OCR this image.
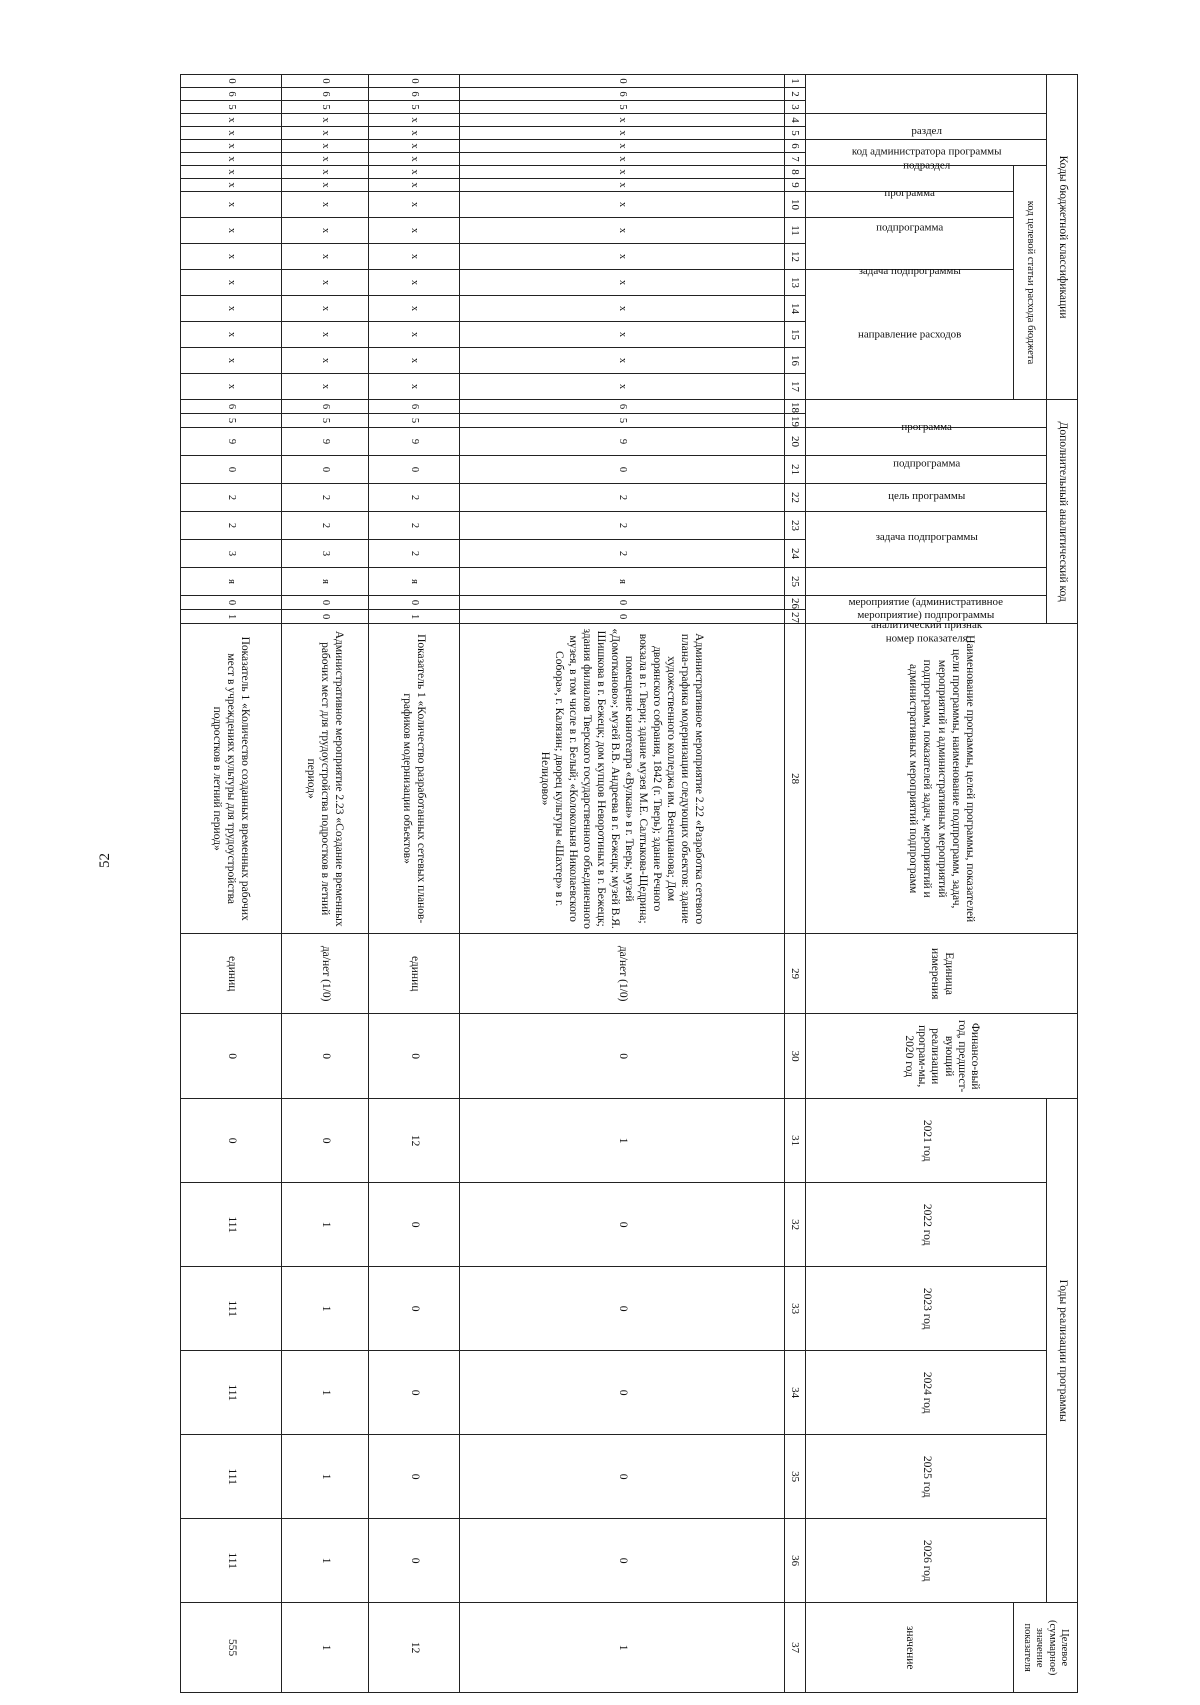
52
Коды бюджетной классификации																	Дополнительный аналитический код										Наименование программы, целей программы, показателей цели программы, наименование подпрограмм, задач, мероприятий и административных мероприятий подпрограмм, показателей задач, мероприятий и административных мероприятий подпрограмм	Единица измерения	Финансо-вый год, предшест-вующий реализации програм-мы, 2020 год	Годы реализации программы						Целевое (суммарное) значение показателя
код администратора программы			раздел		подраздел		код целевой статьи расхода бюджета										программа		подпрограмма	цель программы	задача подпрограммы	мероприятие (административное мероприятие) подпрограммы		аналитический признак	номер показателя					2021 год	2022 год	2023 год	2024 год	2025 год	2026 год	
							программа		подпрограмма	задача подпрограммы		направление расходов																								значение
1	2	3	4	5	6	7	8	9	10	11	12	13	14	15	16	17	18	19	20	21	22	23	24	25	26	27	28	29	30	31	32	33	34	35	36	37
0	6	5	x	x	x	x	x	x	x	x	x	x	x	x	x	x	6	5	9	0	2	2	2	я	0	0	Административное мероприятие 2.22 «Разработка сетевого плана-графика модернизации следующих объектов: здание художественного колледжа им. Венецианова; Дом дворянского собрания, 1842 (г. Тверь); здание Речного вокзала в г. Твери; здание музея М.Е. Салтыкова-Щедрина; помещение кинотеатра «Вулкан» в г. Тверь; музей «Домотканово»; музей В.В. Андреева в г. Бежецк; музей В.Я. Шишкова в г. Бежецк; дом купцов Неворотиных в г. Бежецк; здания филиалов Тверского государственного объединенного музея, в том числе в г. Белый; «Колокольня Николаевского Собора», г. Калязин; дворец культуры «Шахтер» в г. Нелидово»	да/нет (1/0)	0	1	0	0	0	0	0	1
0	6	5	x	x	x	x	x	x	x	x	x	x	x	x	x	x	6	5	9	0	2	2	2	я	0	1	Показатель 1 «Количество разработанных сетевых планов-графиков модернизации объектов»	единиц	0	12	0	0	0	0	0	12
0	6	5	x	x	x	x	x	x	x	x	x	x	x	x	x	x	6	5	9	0	2	2	3	я	0	0	Административное мероприятие 2.23 «Создание временных рабочих мест для трудоустройства подростков в летний период»	да/нет (1/0)	0	0	1	1	1	1	1	1
0	6	5	x	x	x	x	x	x	x	x	x	x	x	x	x	x	6	5	9	0	2	2	3	я	0	1	Показатель 1 «Количество созданных временных рабочих мест в учреждениях культуры для трудоустройства подростков в летний период»	единиц	0	0	111	111	111	111	111	555
